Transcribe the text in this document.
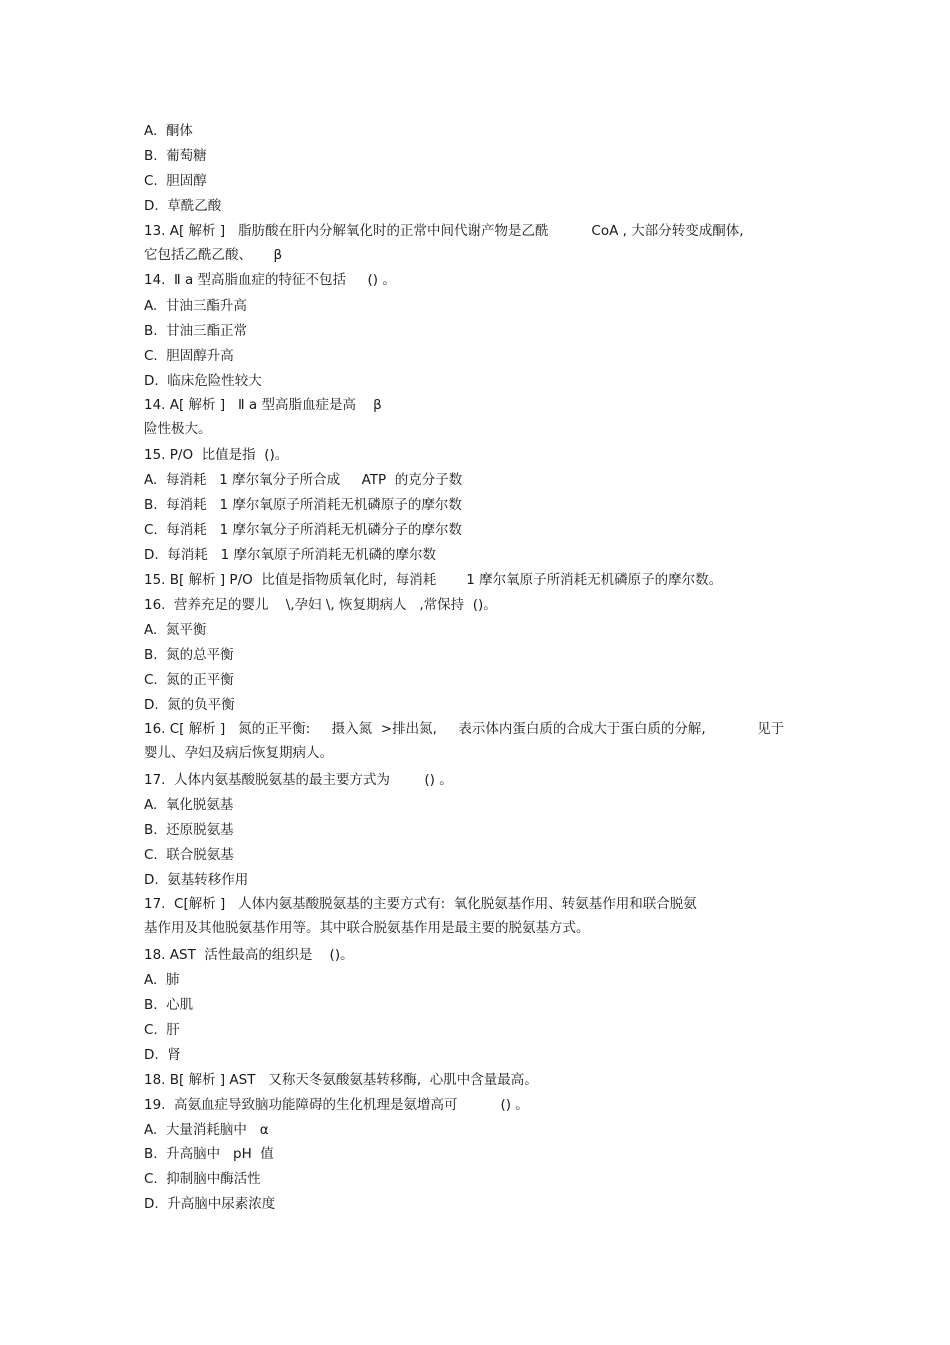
A.  酮体
B.  葡萄糖
C.  胆固醇
D.  草酰乙酸
13. A[ 解析 ]   脂肪酸在肝内分解氧化时的正常中间代谢产物是乙酰          CoA , 大部分转变成酮体,
它包括乙酰乙酸、     β
14.  Ⅱ a 型高脂血症的特征不包括     () 。
A.  甘油三酯升高
B.  甘油三酯正常
C.  胆固醇升高
D.  临床危险性较大
14. A[ 解析 ]   Ⅱ a 型高脂血症是高    β
险性极大。
15. P/O  比值是指  ()。
A.  每消耗   1 摩尔氧分子所合成     ATP  的克分子数
B.  每消耗   1 摩尔氧原子所消耗无机磷原子的摩尔数
C.  每消耗   1 摩尔氧分子所消耗无机磷分子的摩尔数
D.  每消耗   1 摩尔氧原子所消耗无机磷的摩尔数
15. B[ 解析 ] P/O  比值是指物质氧化时,  每消耗       1 摩尔氧原子所消耗无机磷原子的摩尔数。
16.  营养充足的婴儿    \,孕妇 \, 恢复期病人   ,常保持  ()。
A.  氮平衡
B.  氮的总平衡
C.  氮的正平衡
D.  氮的负平衡
16. C[ 解析 ]   氮的正平衡:     摄入氮  >排出氮,     表示体内蛋白质的合成大于蛋白质的分解,            见于
婴儿、孕妇及病后恢复期病人。
17.  人体内氨基酸脱氨基的最主要方式为        () 。
A.  氧化脱氨基
B.  还原脱氨基
C.  联合脱氨基
D.  氨基转移作用
17.  C[解析 ]   人体内氨基酸脱氨基的主要方式有:  氧化脱氨基作用、转氨基作用和联合脱氨
基作用及其他脱氨基作用等。其中联合脱氨基作用是最主要的脱氨基方式。
18. AST  活性最高的组织是    ()。
A.  肺
B.  心肌
C.  肝
D.  肾
18. B[ 解析 ] AST   又称天冬氨酸氨基转移酶,  心肌中含量最高。
19.  高氨血症导致脑功能障碍的生化机理是氨增高可          () 。
A.  大量消耗脑中   α
B.  升高脑中   pH  值
C.  抑制脑中酶活性
D.  升高脑中尿素浓度
